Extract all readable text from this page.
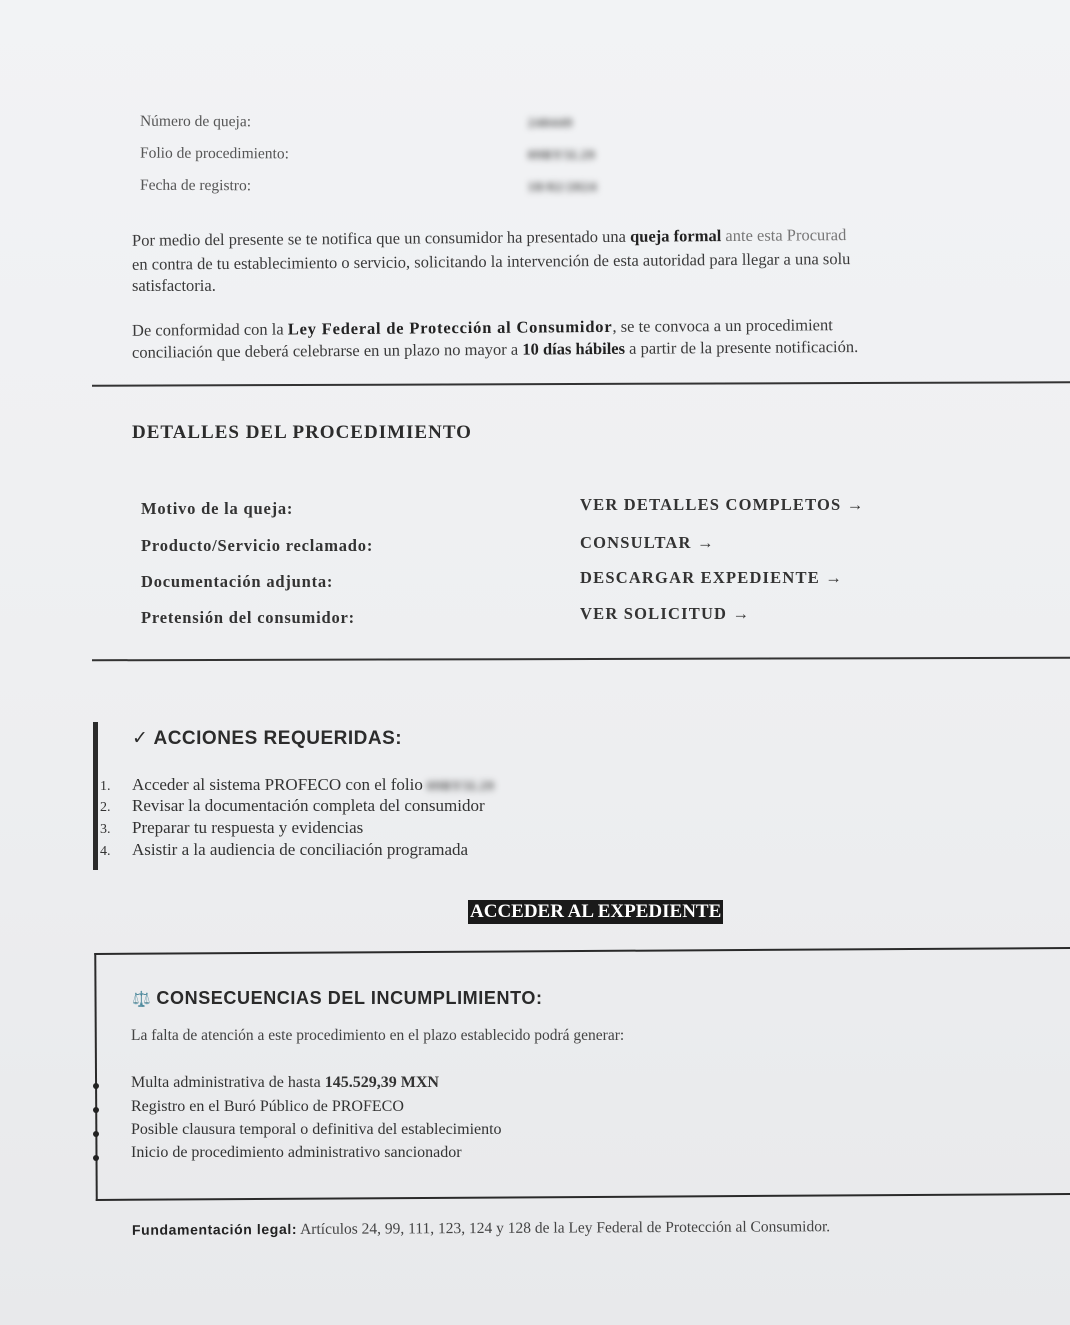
Número de queja:	240449
Folio de procedimiento:	09RY5L29
Fecha de registro:	18/02/2024
Por medio del presente se te notifica que un consumidor ha presentado una queja formal ante esta Procurad
en contra de tu establecimiento o servicio, solicitando la intervención de esta autoridad para llegar a una solu
satisfactoria.
De conformidad con la Ley Federal de Protección al Consumidor, se te convoca a un procedimient
conciliación que deberá celebrarse en un plazo no mayor a 10 días hábiles a partir de la presente notificación.
DETALLES DEL PROCEDIMIENTO
Motivo de la queja:	VER DETALLES COMPLETOS →
Producto/Servicio reclamado:	CONSULTAR →
Documentación adjunta:	DESCARGAR EXPEDIENTE →
Pretensión del consumidor:	VER SOLICITUD →
✓ ACCIONES REQUERIDAS:
1. Acceder al sistema PROFECO con el folio 09RY5L29
2. Revisar la documentación completa del consumidor
3. Preparar tu respuesta y evidencias
4. Asistir a la audiencia de conciliación programada
ACCEDER AL EXPEDIENTE
⚖️ CONSECUENCIAS DEL INCUMPLIMIENTO:
La falta de atención a este procedimiento en el plazo establecido podrá generar:
Multa administrativa de hasta 145.529,39 MXN
Registro en el Buró Público de PROFECO
Posible clausura temporal o definitiva del establecimiento
Inicio de procedimiento administrativo sancionador
Fundamentación legal: Artículos 24, 99, 111, 123, 124 y 128 de la Ley Federal de Protección al Consumidor.
